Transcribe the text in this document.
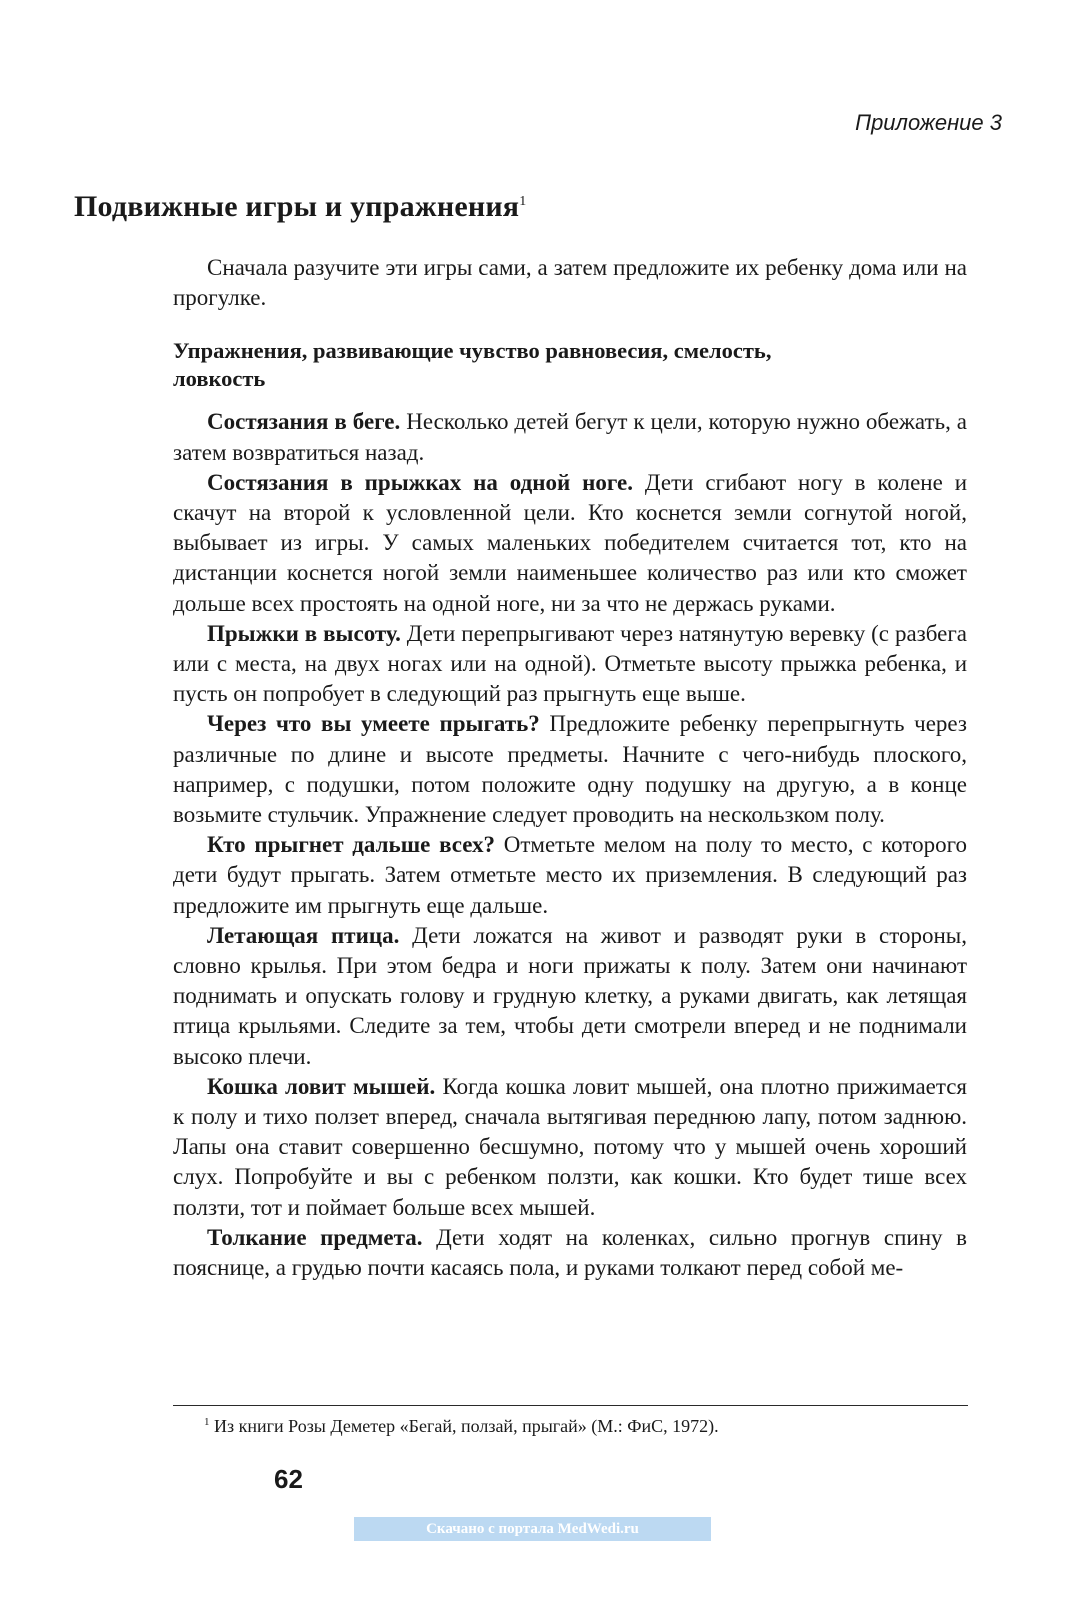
Приложение 3
Подвижные игры и упражнения$^1$

Сначала разучите эти игры сами, а затем предложите их ребенку дома или на прогулке.

Упражнения, развивающие чувство равновесия, смелость, ловкость

Состязания в беге. Несколько детей бегут к цели, которую нужно обежать, а затем возвратиться назад.

Состязания в прыжках на одной ноге. Дети сгибают ногу в колене и скачут на второй к условленной цели. Кто коснется земли согнутой ногой, выбывает из игры. У самых маленьких победителем считается тот, кто на дистанции коснется ногой земли наименьшее количество раз или кто сможет дольше всех простоять на одной ноге, ни за что не держась руками.

Прыжки в высоту. Дети перепрыгивают через натянутую веревку (с разбега или с места, на двух ногах или на одной). Отметьте высоту прыжка ребенка, и пусть он попробует в следующий раз прыгнуть еще выше.

Через что вы умеете прыгать? Предложите ребенку перепрыгнуть через различные по длине и высоте предметы. Начните с чего-нибудь плоского, например, с подушки, потом положите одну подушку на другую, а в конце возьмите стульчик. Упражнение следует проводить на нескользком полу.

Кто прыгнет дальше всех? Отметьте мелом на полу то место, с которого дети будут прыгать. Затем отметьте место их приземления. В следующий раз предложите им прыгнуть еще дальше.

Летающая птица. Дети ложатся на живот и разводят руки в стороны, словно крылья. При этом бедра и ноги прижаты к полу. Затем они начинают поднимать и опускать голову и грудную клетку, а руками двигать, как летящая птица крыльями. Следите за тем, чтобы дети смотрели вперед и не поднимали высоко плечи.

Кошка ловит мышей. Когда кошка ловит мышей, она плотно прижимается к полу и тихо ползет вперед, сначала вытягивая переднюю лапу, потом заднюю. Лапы она ставит совершенно бесшумно, потому что у мышей очень хороший слух. Попробуйте и вы с ребенком ползти, как кошки. Кто будет тише всех ползти, тот и поймает больше всех мышей.

Толкание предмета. Дети ходят на коленках, сильно прогнув спину в пояснице, а грудью почти касаясь пола, и руками толкают перед собой ме-

$^1$ Из книги Розы Деметер «Бегай, ползай, прыгай» (М.: ФиС, 1972).
62
Скачано с портала MedWedi.ru
